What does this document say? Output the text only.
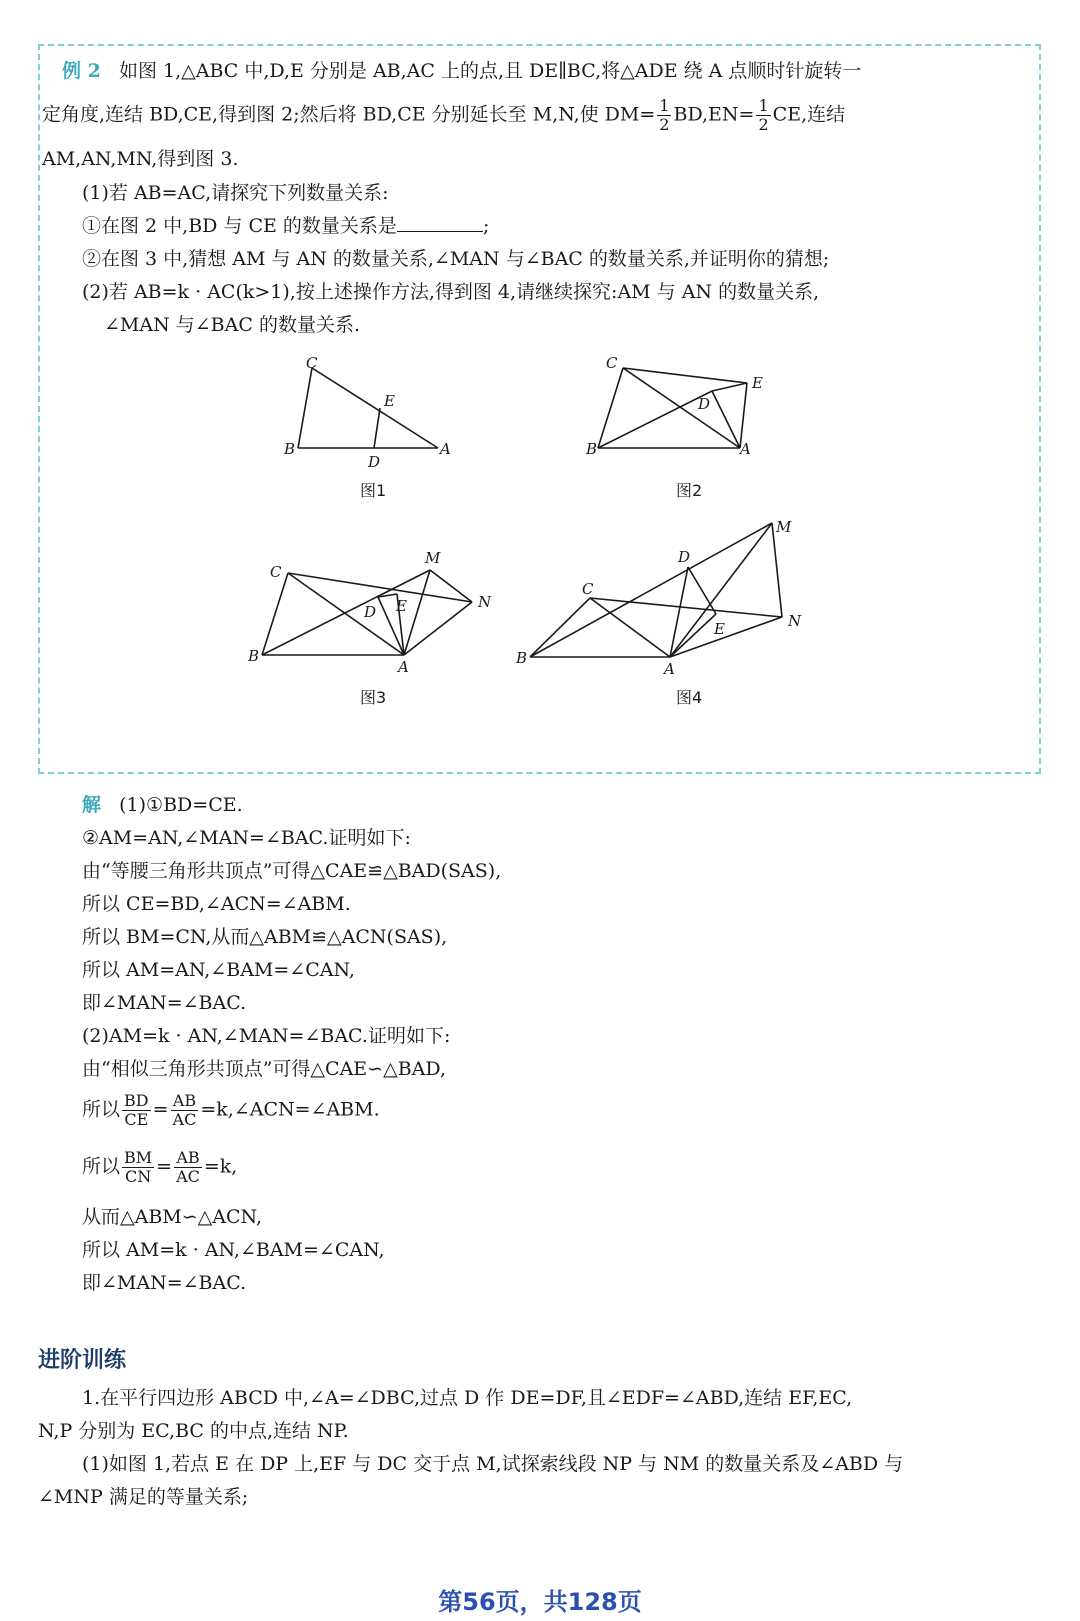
例 2 如图 1,△ABC 中,D,E 分别是 AB,AC 上的点,且 DE∥BC,将△ADE 绕 A 点顺时针旋转一
定角度,连结 BD,CE,得到图 2;然后将 BD,CE 分别延长至 M,N,使 $DM= \frac{1}{2} BD,EN= \frac{1}{2}$ CE,连结
AM,AN,MN,得到图 3.
(1)若 AB=AC,请探究下列数量关系:
①在图 2 中,BD 与 CE 的数量关系是	;
②在图 3 中,猜想 AM 与 AN 的数量关系,∠MAN 与∠BAC 的数量关系,并证明你的猜想;
(2)若 AB=k · AC(k>1),按上述操作方法,得到图 4,请继续探究:AM 与 AN 的数量关系,
∠MAN 与∠BAC 的数量关系.
C
E
B
D
A
图1
C
E
D
B	A
图2
C
M
D E	N
B
A
图3
M
D
C
E	N
B
A
图4
解 (1)①BD=CE.
②AM=AN,∠MAN=∠BAC.证明如下:
由“等腰三角形共顶点”可得△CAE≌△BAD(SAS),
所以 CE=BD,∠ACN=∠ABM.
所以 BM=CN,从而△ABM≌△ACN(SAS),
所以 AM=AN,∠BAM=∠CAN,
即∠MAN=∠BAC.
(2)AM=k · AN,∠MAN=∠BAC.证明如下:
由“相似三角形共顶点”可得△CAE∽△BAD,
所以 $\frac{BD}{CE} = \frac{AB}{AC}$ =k,∠ACN=∠ABM.
所以 $\frac{BM}{CN} = \frac{AB}{AC} =k$,
从而△ABM∽△ACN,
所以 AM=k · AN,∠BAM=∠CAN,
即∠MAN=∠BAC.
进阶训练
1.在平行四边形 ABCD 中,∠A=∠DBC,过点 D 作 DE=DF,且∠EDF=∠ABD,连结 EF,EC,
N,P 分别为 EC,BC 的中点,连结 NP.
(1)如图 1,若点 E 在 DP 上,EF 与 DC 交于点 M,试探索线段 NP 与 NM 的数量关系及∠ABD 与
∠MNP 满足的等量关系;
第56页，共128页
